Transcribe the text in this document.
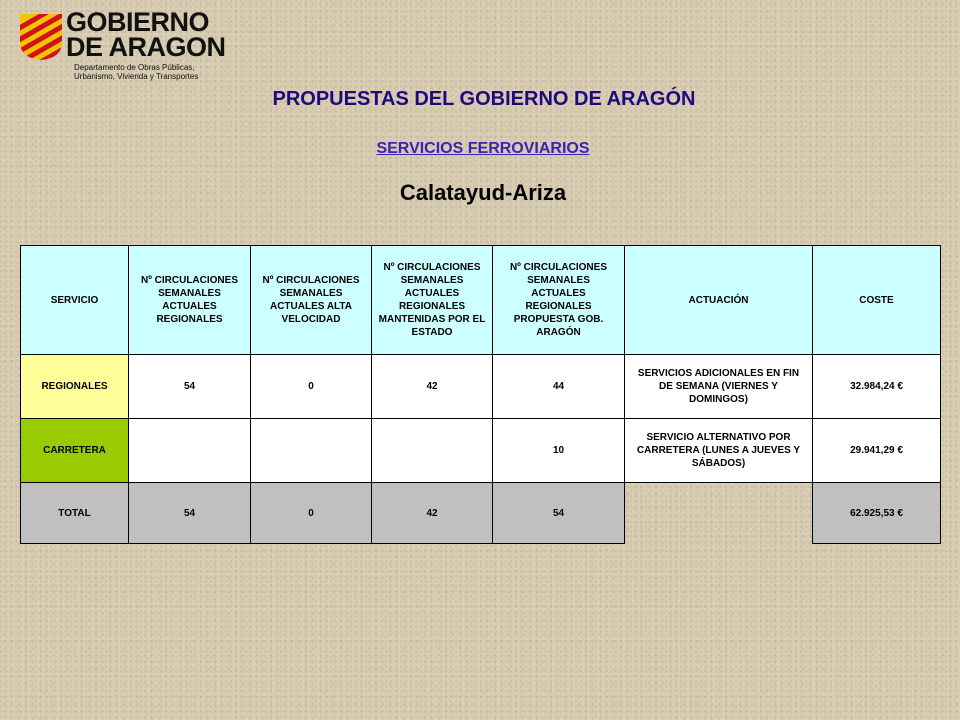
GOBIERNO
DE ARAGON
Departamento de Obras Públicas,
Urbanismo, Vivienda y Transportes
PROPUESTAS DEL GOBIERNO DE ARAGÓN
SERVICIOS FERROVIARIOS
Calatayud-Ariza
SERVICIO	Nº CIRCULACIONES SEMANALES ACTUALES REGIONALES	Nº CIRCULACIONES SEMANALES ACTUALES ALTA VELOCIDAD	Nº CIRCULACIONES SEMANALES ACTUALES REGIONALES MANTENIDAS POR EL ESTADO	Nº CIRCULACIONES SEMANALES ACTUALES REGIONALES PROPUESTA GOB. ARAGÓN	ACTUACIÓN	COSTE
REGIONALES	54	0	42	44	SERVICIOS ADICIONALES EN FIN DE SEMANA (VIERNES Y DOMINGOS)	32.984,24 €
CARRETERA				10	SERVICIO ALTERNATIVO POR CARRETERA (LUNES A JUEVES Y SÁBADOS)	29.941,29 €
TOTAL	54	0	42	54		62.925,53 €
